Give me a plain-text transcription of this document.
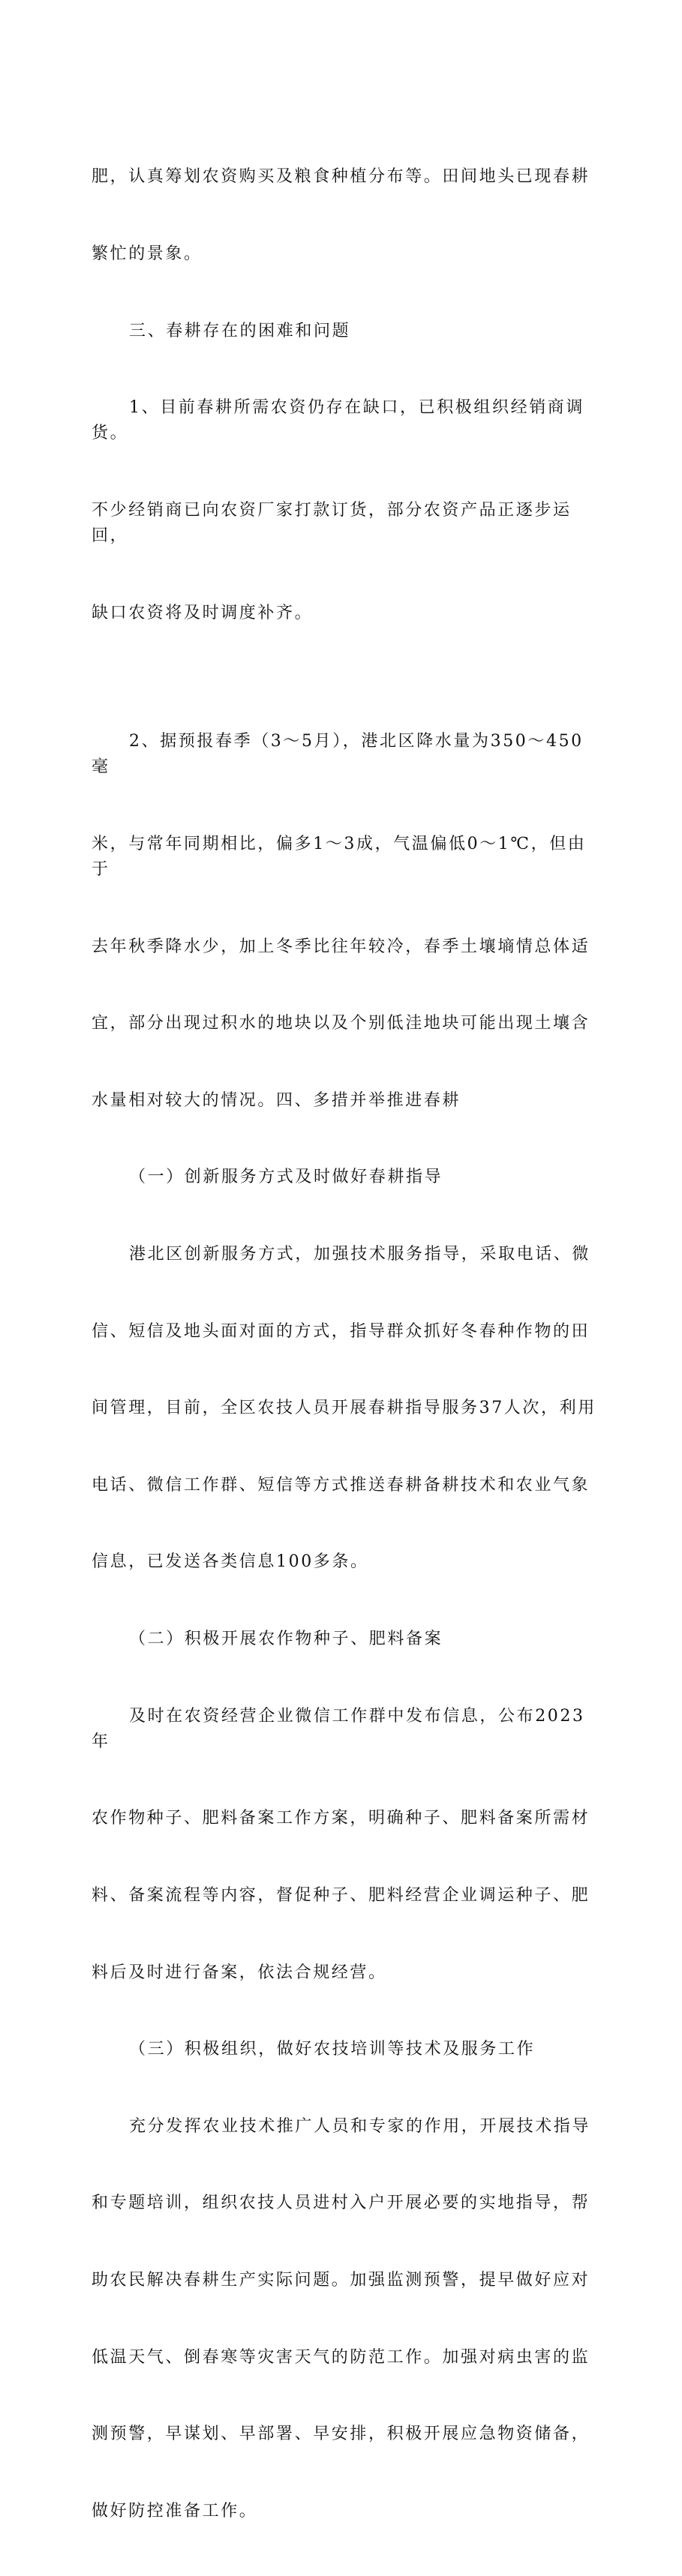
肥，认真筹划农资购买及粮食种植分布等。田间地头已现春耕

繁忙的景象。

三、春耕存在的困难和问题

1、目前春耕所需农资仍存在缺口，已积极组织经销商调货。

不少经销商已向农资厂家打款订货，部分农资产品正逐步运回，

缺口农资将及时调度补齐。

2、据预报春季（3～5月），港北区降水量为350～450毫

米，与常年同期相比，偏多1～3成，气温偏低0～1℃，但由于

去年秋季降水少，加上冬季比往年较冷，春季土壤墒情总体适

宜，部分出现过积水的地块以及个别低洼地块可能出现土壤含

水量相对较大的情况。四、多措并举推进春耕

（一）创新服务方式及时做好春耕指导

港北区创新服务方式，加强技术服务指导，采取电话、微

信、短信及地头面对面的方式，指导群众抓好冬春种作物的田

间管理，目前，全区农技人员开展春耕指导服务37人次，利用

电话、微信工作群、短信等方式推送春耕备耕技术和农业气象

信息，已发送各类信息100多条。

（二）积极开展农作物种子、肥料备案

及时在农资经营企业微信工作群中发布信息，公布2023年

农作物种子、肥料备案工作方案，明确种子、肥料备案所需材

料、备案流程等内容，督促种子、肥料经营企业调运种子、肥

料后及时进行备案，依法合规经营。

（三）积极组织，做好农技培训等技术及服务工作

充分发挥农业技术推广人员和专家的作用，开展技术指导

和专题培训，组织农技人员进村入户开展必要的实地指导，帮

助农民解决春耕生产实际问题。加强监测预警，提早做好应对

低温天气、倒春寒等灾害天气的防范工作。加强对病虫害的监

测预警，早谋划、早部署、早安排，积极开展应急物资储备，

做好防控准备工作。
